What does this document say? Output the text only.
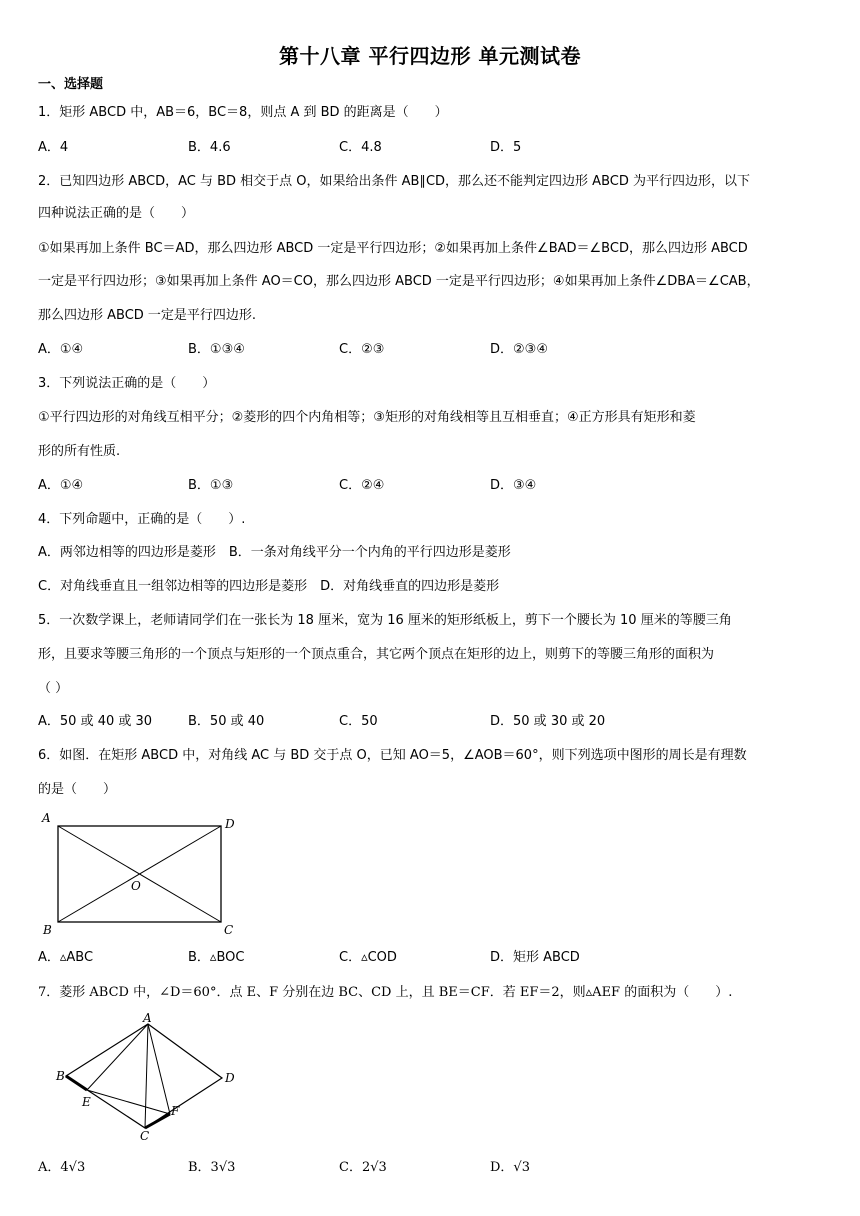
第十八章 平行四边形 单元测试卷
一、选择题
1．矩形 ABCD 中，AB＝6，BC＝8，则点 A 到 BD 的距离是（　　）
A．4	B．4.6	C．4.8	D．5
2．已知四边形 ABCD，AC 与 BD 相交于点 O，如果给出条件 AB∥CD，那么还不能判定四边形 ABCD 为平行四边形，以下
四种说法正确的是（　　）
①如果再加上条件 BC＝AD，那么四边形 ABCD 一定是平行四边形；②如果再加上条件∠BAD＝∠BCD，那么四边形 ABCD
一定是平行四边形；③如果再加上条件 AO＝CO，那么四边形 ABCD 一定是平行四边形；④如果再加上条件∠DBA＝∠CAB，
那么四边形 ABCD 一定是平行四边形.
A．①④	B．①③④	C．②③	D．②③④
3．下列说法正确的是（　　）
①平行四边形的对角线互相平分；②菱形的四个内角相等；③矩形的对角线相等且互相垂直；④正方形具有矩形和菱
形的所有性质.
A．①④	B．①③	C．②④	D．③④
4．下列命题中，正确的是（　　）.
A．两邻边相等的四边形是菱形　B．一条对角线平分一个内角的平行四边形是菱形
C．对角线垂直且一组邻边相等的四边形是菱形　D．对角线垂直的四边形是菱形
5．一次数学课上，老师请同学们在一张长为 18 厘米，宽为 16 厘米的矩形纸板上，剪下一个腰长为 10 厘米的等腰三角
形，且要求等腰三角形的一个顶点与矩形的一个顶点重合，其它两个顶点在矩形的边上，则剪下的等腰三角形的面积为
（ ）
A．50 或 40 或 30	B．50 或 40	C．50	D．50 或 30 或 20
6．如图．在矩形 ABCD 中，对角线 AC 与 BD 交于点 O，已知 AO＝5，∠AOB＝60°，则下列选项中图形的周长是有理数
的是（　　）
A	D
O
B	C
A．▵ABC	B．▵BOC	C．▵COD	D．矩形 ABCD
7．菱形 ABCD 中，∠D＝60°．点 E、F 分别在边 BC、CD 上，且 BE＝CF．若 EF＝2，则▵AEF 的面积为（　　）.
A
B
E
F
C
D
A．4√3	B．3√3	C．2√3	D．√3
